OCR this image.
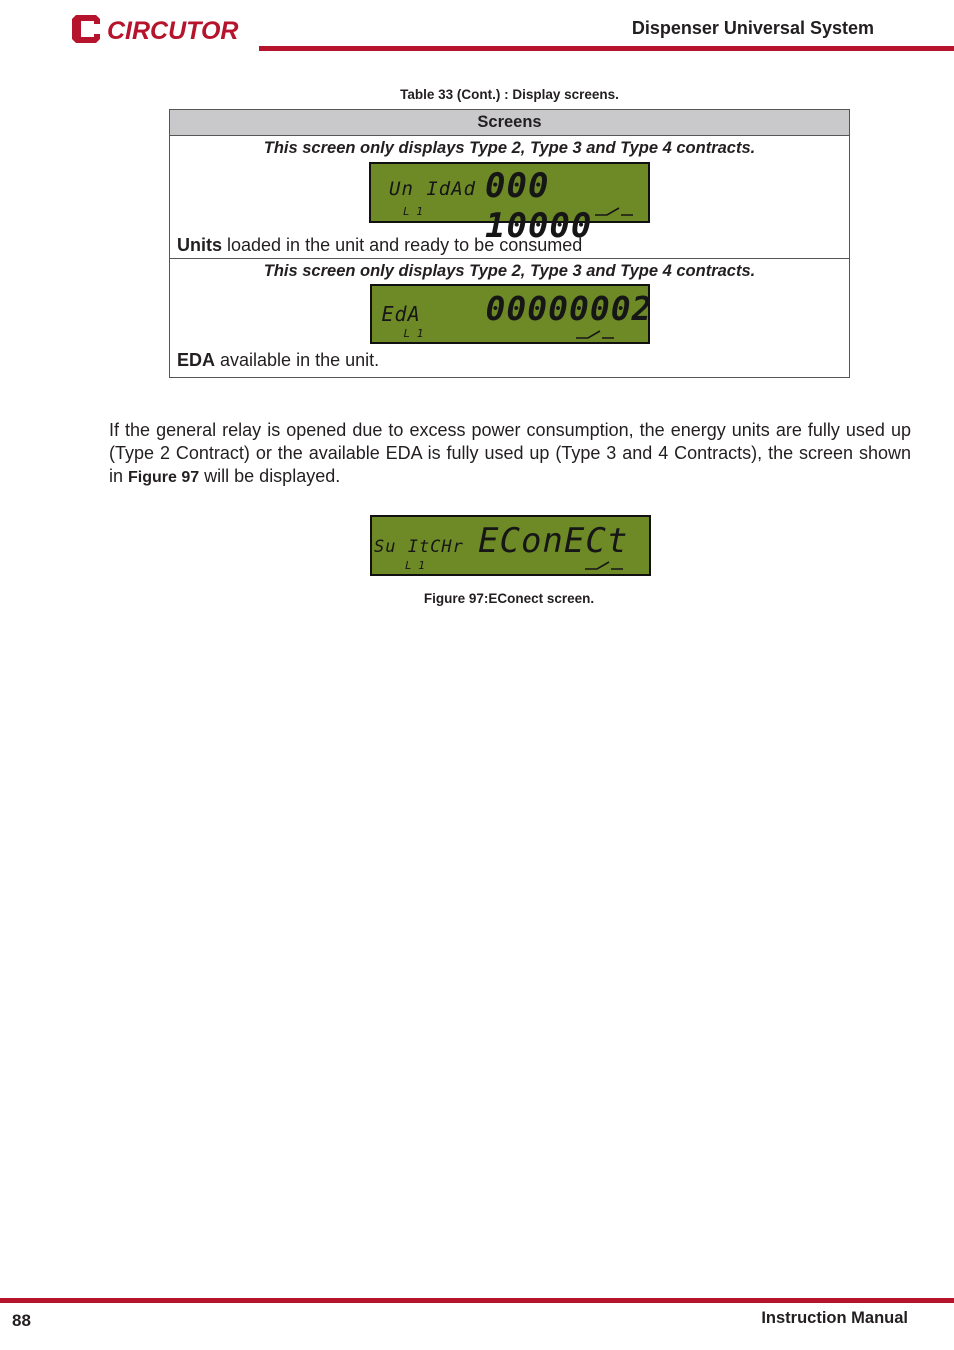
CIRCUTOR	Dispenser Universal System
Table 33 (Cont.) : Display screens.
Screens

This screen only displays Type 2, Type 3 and Type 4 contracts.
Un IdAd 000 10000
L 1
Units loaded in the unit and ready to be consumed

This screen only displays Type 2, Type 3 and Type 4 contracts.
EdA 00000002
L 1
EDA available in the unit.
If the general relay is opened due to excess power consumption, the energy units are fully used up (Type 2 Contract) or the available EDA is fully used up (Type 3 and 4 Contracts), the screen shown in Figure 97 will be displayed.
Su ItCHr EConECt
L 1
Figure 97:EConect screen.
88	Instruction Manual
